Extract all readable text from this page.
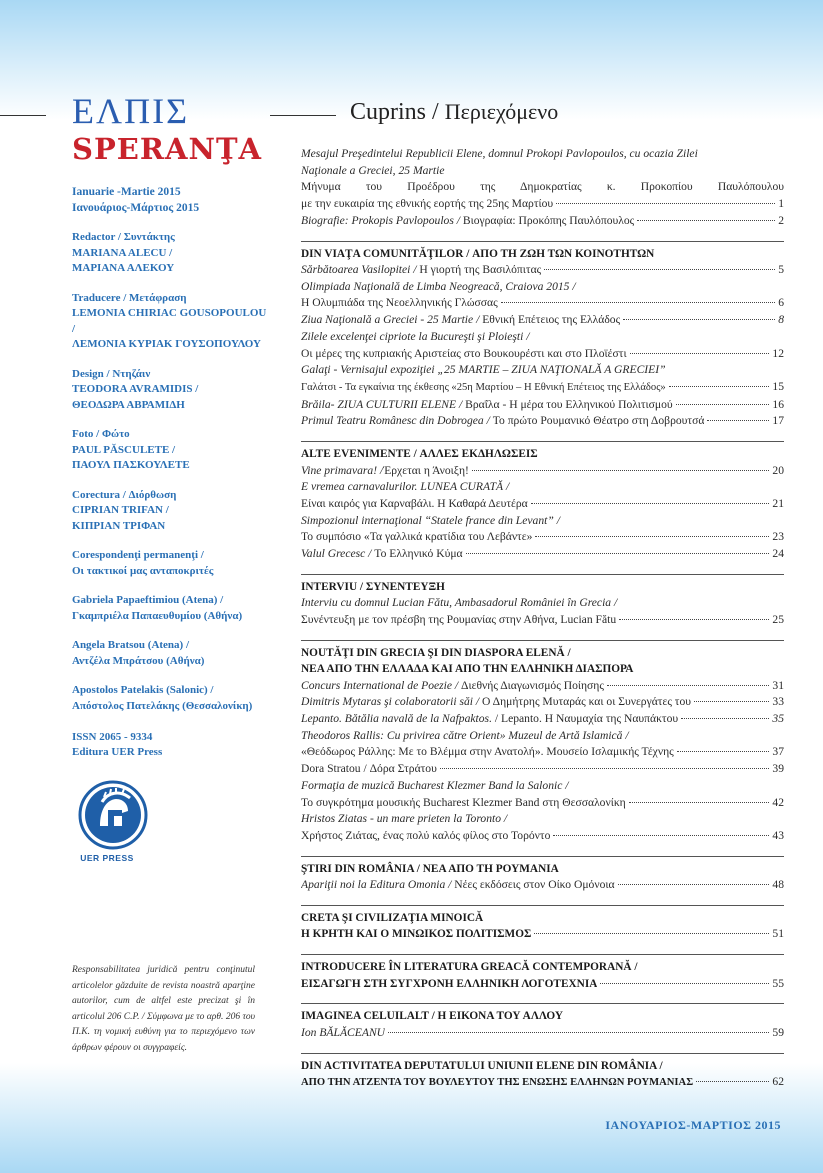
ΕΛΠΙΣ
SPERANŢA
Ianuarie -Martie 2015
Ιανουάριος-Μάρτιος 2015
Redactor / Συντάκτης
MARIANA ALECU /
ΜΑΡΙΑΝΑ ΑΛΕΚΟΥ
Traducere / Μετάφραση
LEMONIA CHIRIAC GOUSOPOULOU /
ΛΕΜΟΝΙΑ ΚΥΡΙΑΚ ΓΟΥΣΟΠΟΥΛΟΥ
Design / Ντηζάιν
TEODORA AVRAMIDIS /
ΘΕΟΔΩΡΑ ΑΒΡΑΜΙΔΗ
Foto / Φώτο
PAUL PĂSCULETE /
ΠΑΟΥΛ ΠΑΣΚΟΥΛΕΤΕ
Corectura / Διόρθωση
CIPRIAN TRIFAN /
ΚΙΠΡΙΑΝ ΤΡΙΦΑΝ
Corespondenţi permanenţi /
Οι τακτικοί μας ανταποκριτές
Gabriela Papaeftimiou (Atena) /
Γκαμπριέλα Παπαευθυμίου (Αθήνα)
Angela Bratsou (Atena) /
Αντζέλα Μπράτσου (Αθήνα)
Apostolos Patelakis (Salonic) /
Απόστολος Πατελάκης (Θεσσαλονίκη)
ISSN 2065 - 9334
Editura UER Press
UER PRESS
Responsabilitatea juridică pentru conţinutul articolelor găzduite de revista noastră aparţine autorilor, cum de altfel este precizat şi în articolul 206 C.P. / Σύμφωνα με το αρθ. 206 του Π.Κ. τη νομική ευθύνη για το περιεχόμενο των άρθρων φέρουν οι συγγραφείς.
Cuprins / Περιεχόμενο
Mesajul Preşedintelui Republicii Elene, domnul Prokopi Pavlopoulos, cu ocazia Zilei
Naţionale a Greciei, 25 Martie
Μήνυμα του Προέδρου της Δημοκρατίας κ. Προκοπίου Παυλόπουλου
με την ευκαιρία της εθνικής εορτής της 25ης Μαρτίου	1
Biografie: Prokopis Pavlopoulos / Βιογραφία: Προκόπης Παυλόπουλος	2
DIN VIAŢA COMUNITĂŢILOR / ΑΠΟ ΤΗ ΖΩΗ ΤΩΝ ΚΟΙΝΟΤΗΤΩΝ
Sărbătoarea Vasilopitei / Η γιορτή της Βασιλόπιτας	5
Olimpiada Naţională de Limba Neogreacă, Craiova 2015 /
Η Ολυμπιάδα της Νεοελληνικής Γλώσσας	6
Ziua Naţională a Greciei - 25 Martie / Εθνική Επέτειος της Ελλάδος	8
Zilele excelenţei cipriote la Bucureşti şi Ploieşti /
Οι μέρες της κυπριακής Αριστείας στο Βουκουρέστι και στο Πλοϊέστι	12
Galaţi - Vernisajul expoziţiei „25 MARTIE – ZIUA NAŢIONALĂ A GRECIEI”
Γαλάτσι - Τα εγκαίνια της έκθεσης «25η Μαρτίου – Η Εθνική Επέτειος της Ελλάδος»	15
Brăila- ZIUA CULTURII ELENE / Βραΐλα - Η μέρα του Ελληνικού Πολιτισμού	16
Primul Teatru Românesc din Dobrogea / Το πρώτο Ρουμανικό Θέατρο στη Δοβρουτσά	17
ALTE EVENIMENTE / ΑΛΛΕΣ ΕΚΔΗΛΩΣΕΙΣ
Vine primavara! /Έρχεται η Άνοιξη!	20
E vremea carnavalurilor. LUNEA CURATĂ /
Είναι καιρός για Καρναβάλι. Η Καθαρά Δευτέρα	21
Simpozionul internaţional “Statele france din Levant” /
Το συμπόσιο «Τα γαλλικά κρατίδια του Λεβάντε»	23
Valul Grecesc / Το Ελληνικό Κύμα	24
INTERVIU / ΣΥΝΕΝΤΕΥΞΗ
Interviu cu domnul Lucian Fătu, Ambasadorul României în Grecia /
Συνέντευξη με τον πρέσβη της Ρουμανίας στην Αθήνα, Lucian Fătu	25
NOUTĂŢI DIN GRECIA ŞI DIN DIASPORA ELENĂ /
ΝΕΑ ΑΠΟ ΤΗΝ ΕΛΛΑΔΑ ΚΑΙ ΑΠΟ ΤΗΝ ΕΛΛΗΝΙΚΗ ΔΙΑΣΠΟΡΑ
Concurs International de Poezie / Διεθνής Διαγωνισμός Ποίησης	31
Dimitris Mytaras şi colaboratorii săi / Ο Δημήτρης Μυταράς και οι Συνεργάτες του	33
Lepanto. Bătălia navală de la Nafpaktos. / Lepanto. Η Ναυμαχία της Ναυπάκτου	35
Theodoros Rallis: Cu privirea către Orient» Muzeul de Artă Islamică /
«Θεόδωρος Ράλλης: Με το Βλέμμα στην Ανατολή». Μουσείο Ισλαμικής Τέχνης	37
Dora Stratou / Δόρα Στράτου	39
Formaţia de muzică Bucharest Klezmer Band la Salonic /
Το συγκρότημα μουσικής Bucharest Klezmer Band στη Θεσσαλονίκη	42
Hristos Ziatas - un mare prieten la Toronto /
Χρήστος Ζιάτας, ένας πολύ καλός φίλος στο Τορόντο	43
ŞTIRI DIN ROMÂNIA / ΝΕΑ ΑΠΟ ΤΗ ΡΟΥΜΑΝΙΑ
Apariţii noi la Editura Omonia / Νέες εκδόσεις στον Οίκο Ομόνοια	48
CRETA ŞI CIVILIZAŢIA MINOICĂ
Η ΚΡΗΤΗ ΚΑΙ Ο ΜΙΝΩΙΚΟΣ ΠΟΛΙΤΙΣΜΟΣ	51
INTRODUCERE ÎN LITERATURA GREACĂ CONTEMPORANĂ /
ΕΙΣΑΓΩΓΗ ΣΤΗ ΣΥΓΧΡΟΝΗ ΕΛΛΗΝΙΚΗ ΛΟΓΟΤΕΧΝΙΑ	55
IMAGINEA CELUILALT / Η ΕΙΚΟΝΑ ΤΟΥ ΑΛΛΟΥ
Ion BĂLĂCEANU	59
DIN ACTIVITATEA DEPUTATULUI UNIUNII ELENE DIN ROMÂNIA /
ΑΠΟ ΤΗΝ ΑΤΖΕΝΤΑ ΤΟΥ ΒΟΥΛΕΥΤΟΥ ΤΗΣ ΕΝΩΣΗΣ ΕΛΛΗΝΩΝ ΡΟΥΜΑΝΙΑΣ	62
ΙΑΝΟΥΑΡΙΟΣ-ΜΑΡΤΙΟΣ 2015
